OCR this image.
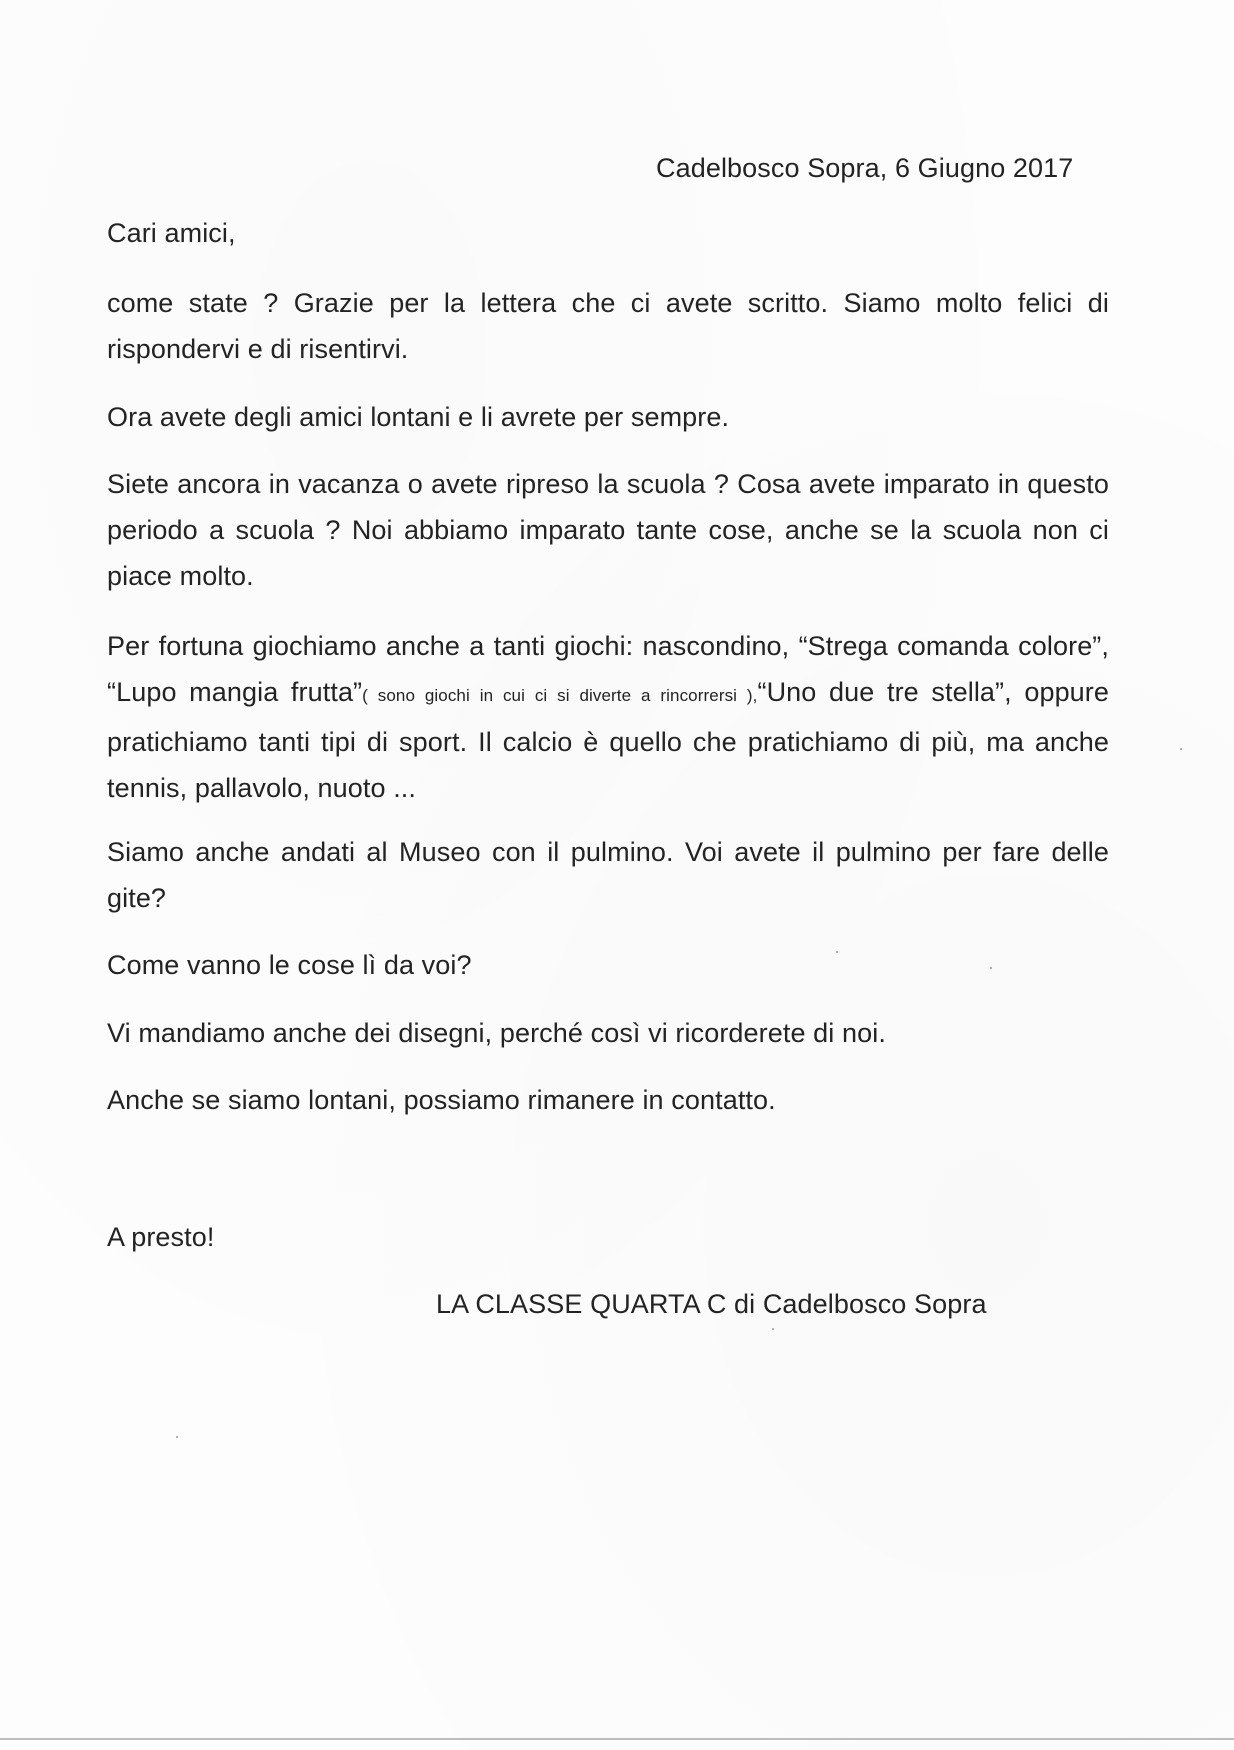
Cadelbosco Sopra, 6 Giugno 2017
Cari amici,
come state ? Grazie per la lettera che ci avete scritto. Siamo molto felici di rispondervi e di risentirvi.
Ora avete degli amici lontani e li avrete per sempre.
Siete ancora in vacanza o avete ripreso la scuola ? Cosa avete imparato in questo periodo a scuola ? Noi abbiamo imparato tante cose, anche se la scuola non ci piace molto.
Per fortuna giochiamo anche a tanti giochi: nascondino, “Strega comanda colore”, “Lupo mangia frutta”( sono giochi in cui ci si diverte a rincorrersi ),“Uno due tre stella”, oppure pratichiamo tanti tipi di sport. Il calcio è quello che pratichiamo di più, ma anche tennis, pallavolo, nuoto ...
Siamo anche andati al Museo con il pulmino. Voi avete il pulmino per fare delle gite?
Come vanno le cose lì da voi?
Vi mandiamo anche dei disegni, perché così vi ricorderete di noi.
Anche se siamo lontani, possiamo rimanere in contatto.
A presto!
LA CLASSE QUARTA C di Cadelbosco Sopra
